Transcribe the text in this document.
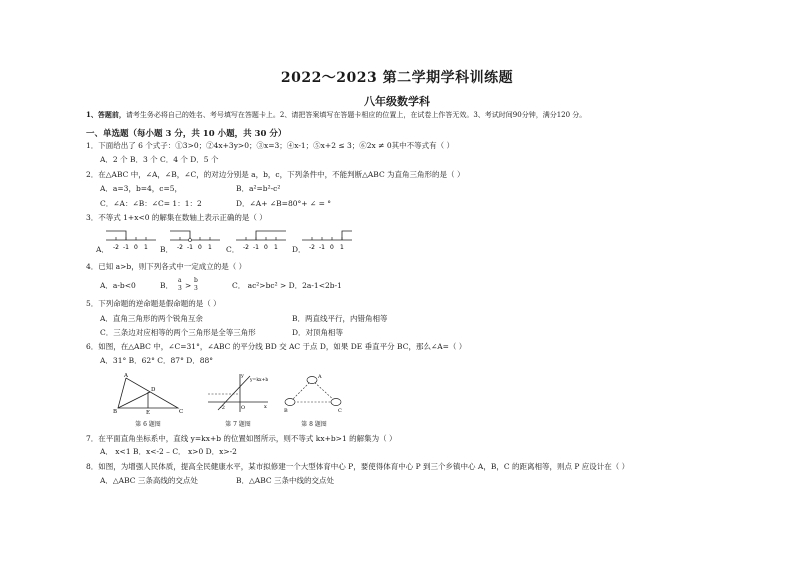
2022～2023 第二学期学科训练题
八年级数学科
1、答题前，请考生务必将自己的姓名、考号填写在答题卡上。2、请把答案填写在答题卡相应的位置上，在试卷上作答无效。3、考试时间90分钟，满分120 分。
一、单选题（每小题 3 分，共 10 小题，共 30 分）
1．下面给出了 6 个式子：①3>0；②4x+3y>0；③x=3；④x-1；⑤x+2 ≤ 3；⑥2x ≠ 0其中不等式有（ ）
A．2 个 B．3 个 C．4 个 D．5 个
2．在△ABC 中，∠A，∠B，∠C，的对边分别是 a，b，c，下列条件中，不能判断△ABC 为直角三角形的是（ ）
A．a=3，b=4，c=5，	B．a²=b²-c²
C．∠A：∠B：∠C= 1：1：2	D．∠A+ ∠B=80°+ ∠ = °
3．不等式 1+x<0 的解集在数轴上表示正确的是（ ）
A．	B．	C．	D．
-2 -1 0 1	-2 -1 0 1	-2 -1 0 1	-2 -1 0 1
4．已知 a>b，则下列各式中一定成立的是（ ）
A．a-b<0	B．
a
3 >
b
3	C． ac²>bc² > D．2a-1<2b-1
5．下列命题的逆命题是假命题的是（ ）
A．直角三角形的两个锐角互余	B．两直线平行，内错角相等
C．三条边对应相等的两个三角形是全等三角形	D．对顶角相等
6．如图，在△ABC 中，∠C=31°，∠ABC 的平分线 BD 交 AC 于点 D，如果 DE 垂直平分 BC，那么∠A=（ ）
A．31° B．62° C．87° D．88°
A
D
B	E	C
第 6 题图
y
y=kx+b
x
-2	O
第 7 题图
A
B	C
第 8 题图
7．在平面直角坐标系中，直线 y=kx+b 的位置如图所示，则不等式 kx+b>1 的解集为（ ）
A． x<1 B．x<-2 – C． x>0 D．x>-2
8．如图，为增强人民体质，提高全民健康水平，某市拟修建一个大型体育中心 P，要使得体育中心 P 到三个乡镇中心 A，B，C 的距离相等，则点 P 应设计在（ ）
A．△ABC 三条高线的交点处	B．△ABC 三条中线的交点处
